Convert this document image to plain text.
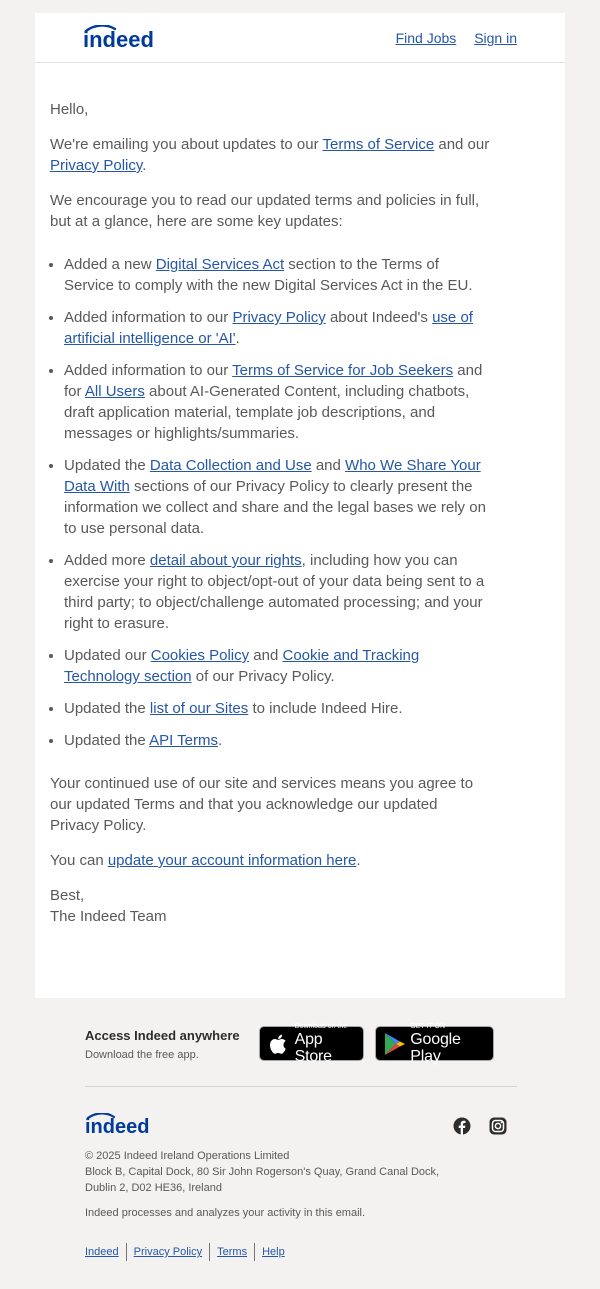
indeed	Find Jobs Sign in

Hello,

We're emailing you about updates to our Terms of Service and our Privacy Policy.

We encourage you to read our updated terms and policies in full, but at a glance, here are some key updates:

• Added a new Digital Services Act section to the Terms of Service to comply with the new Digital Services Act in the EU.
• Added information to our Privacy Policy about Indeed's use of artificial intelligence or 'AI'.
• Added information to our Terms of Service for Job Seekers and for All Users about AI-Generated Content, including chatbots, draft application material, template job descriptions, and messages or highlights/summaries.
• Updated the Data Collection and Use and Who We Share Your Data With sections of our Privacy Policy to clearly present the information we collect and share and the legal bases we rely on to use personal data.
• Added more detail about your rights, including how you can exercise your right to object/opt-out of your data being sent to a third party; to object/challenge automated processing; and your right to erasure.
• Updated our Cookies Policy and Cookie and Tracking Technology section of our Privacy Policy.
• Updated the list of our Sites to include Indeed Hire.
• Updated the API Terms.

Your continued use of our site and services means you agree to our updated Terms and that you acknowledge our updated Privacy Policy.

You can update your account information here.

Best,
The Indeed Team

Access Indeed anywhere
Download the free app.
Download on the
App Store
GET IT ON
Google Play
indeed
© 2025 Indeed Ireland Operations Limited
Block B, Capital Dock, 80 Sir John Rogerson's Quay, Grand Canal Dock,
Dublin 2, D02 HE36, Ireland
Indeed processes and analyzes your activity in this email.
Indeed	Privacy Policy	Terms	Help
